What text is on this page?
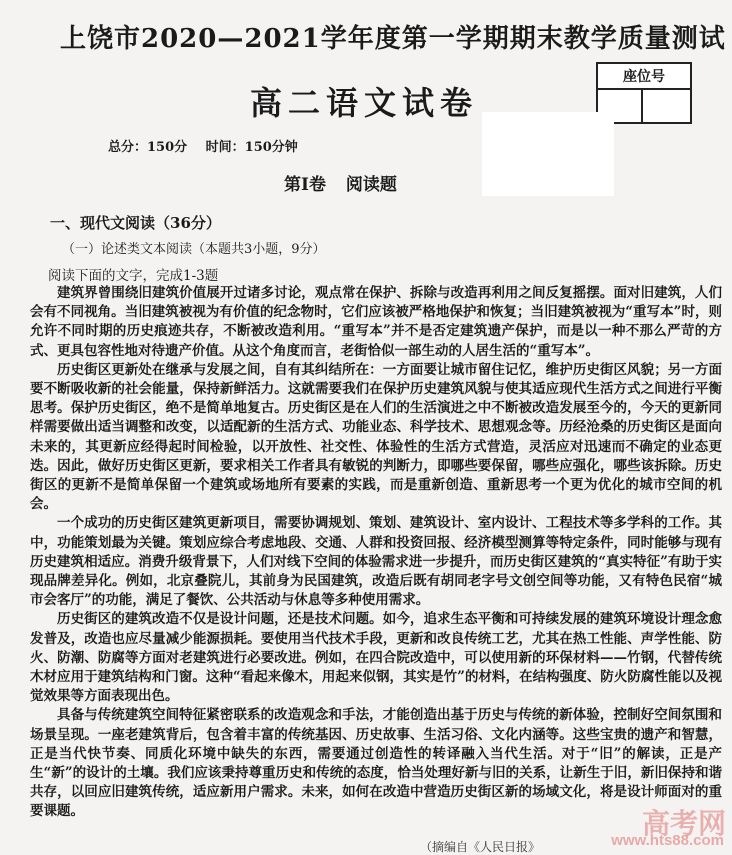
上饶市2020—2021学年度第一学期期末教学质量测试
高二语文试卷
座位号
总分：150分 时间：150分钟
第Ⅰ卷 阅读题
一、现代文阅读（36分）
（一）论述类文本阅读（本题共3小题，9分）
阅读下面的文字，完成1-3题

建筑界曾围绕旧建筑价值展开过诸多讨论，观点常在保护、拆除与改造再利用之间反复摇摆。面对旧建筑，人们会有不同视角。当旧建筑被视为有价值的纪念物时，它们应该被严格地保护和恢复；当旧建筑被视为“重写本”时，则允许不同时期的历史痕迹共存，不断被改造利用。“重写本”并不是否定建筑遗产保护，而是以一种不那么严苛的方式、更具包容性地对待遗产价值。从这个角度而言，老街恰似一部生动的人居生活的“重写本”。

历史街区更新处在继承与发展之间，自有其纠结所在：一方面要让城市留住记忆，维护历史街区风貌；另一方面要不断吸收新的社会能量，保持新鲜活力。这就需要我们在保护历史建筑风貌与使其适应现代生活方式之间进行平衡思考。保护历史街区，绝不是简单地复古。历史街区是在人们的生活演进之中不断被改造发展至今的，今天的更新同样需要做出适当调整和改变，以适配新的生活方式、功能业态、科学技术、思想观念等。历经沧桑的历史街区是面向未来的，其更新应经得起时间检验，以开放性、社交性、体验性的生活方式营造，灵活应对迅速而不确定的业态更迭。因此，做好历史街区更新，要求相关工作者具有敏锐的判断力，即哪些要保留，哪些应强化，哪些该拆除。历史街区的更新不是简单保留一个建筑或场地所有要素的实践，而是重新创造、重新思考一个更为优化的城市空间的机会。

一个成功的历史街区建筑更新项目，需要协调规划、策划、建筑设计、室内设计、工程技术等多学科的工作。其中，功能策划最为关键。策划应综合考虑地段、交通、人群和投资回报、经济模型测算等特定条件，同时能够与现有历史建筑相适应。消费升级背景下，人们对线下空间的体验需求进一步提升，而历史街区建筑的“真实特征”有助于实现品牌差异化。例如，北京叠院儿，其前身为民国建筑，改造后既有胡同老字号文创空间等功能，又有特色民宿“城市会客厅”的功能，满足了餐饮、公共活动与休息等多种使用需求。

历史街区的建筑改造不仅是设计问题，还是技术问题。如今，追求生态平衡和可持续发展的建筑环境设计理念愈发普及，改造也应尽量减少能源损耗。要使用当代技术手段，更新和改良传统工艺，尤其在热工性能、声学性能、防火、防潮、防腐等方面对老建筑进行必要改进。例如，在四合院改造中，可以使用新的环保材料——竹钢，代替传统木材应用于建筑结构和门窗。这种“看起来像木，用起来似钢，其实是竹”的材料，在结构强度、防火防腐性能以及视觉效果等方面表现出色。

具备与传统建筑空间特征紧密联系的改造观念和手法，才能创造出基于历史与传统的新体验，控制好空间氛围和场景呈现。一座老建筑背后，包含着丰富的传统基因、历史故事、生活习俗、文化内涵等。这些宝贵的遗产和智慧，正是当代快节奏、同质化环境中缺失的东西，需要通过创造性的转译融入当代生活。对于“旧”的解读，正是产生“新”的设计的土壤。我们应该秉持尊重历史和传统的态度，恰当处理好新与旧的关系，让新生于旧，新旧保持和谐共存，以回应旧建筑传统，适应新用户需求。未来，如何在改造中营造历史街区新的场域文化，将是设计师面对的重要课题。

（摘编自《人民日报》
高考网
www.hts88.com
